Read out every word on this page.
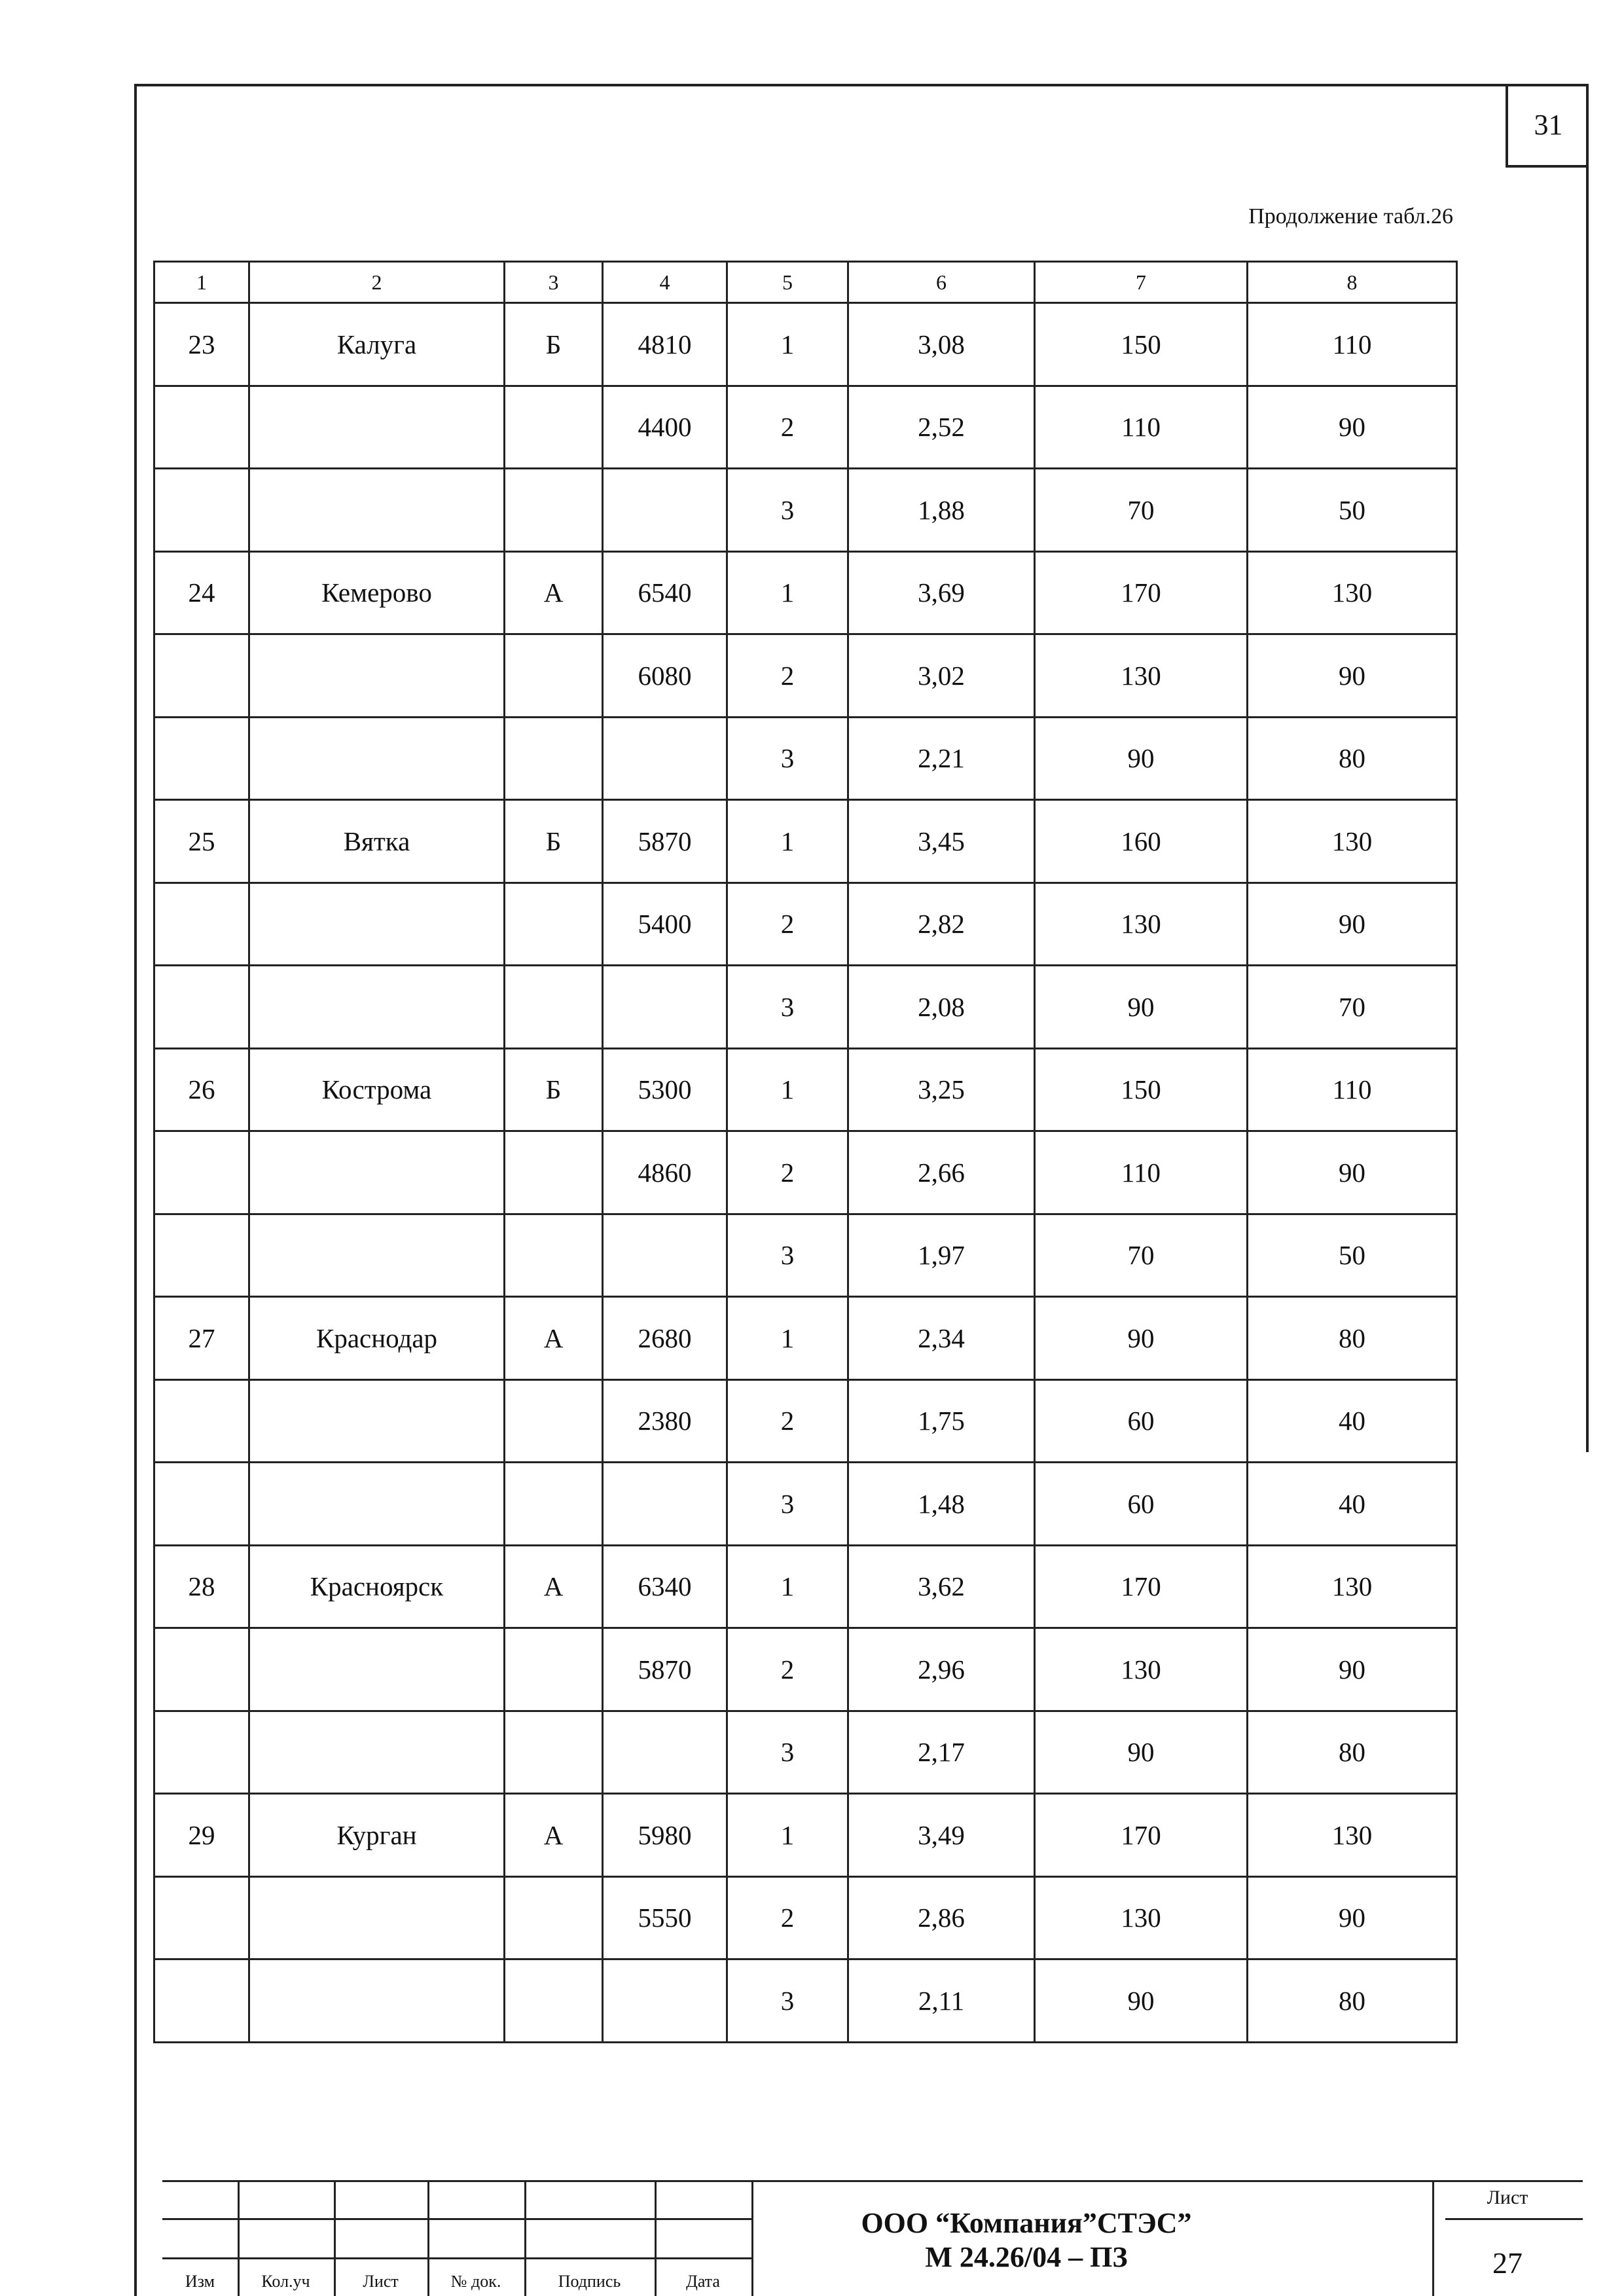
31
Продолжение табл.26
1	2	3	4	5	6	7	8
23	Калуга	Б	4810	1	3,08	150	110
			4400	2	2,52	110	90
				3	1,88	70	50
24	Кемерово	А	6540	1	3,69	170	130
			6080	2	3,02	130	90
				3	2,21	90	80
25	Вятка	Б	5870	1	3,45	160	130
			5400	2	2,82	130	90
				3	2,08	90	70
26	Кострома	Б	5300	1	3,25	150	110
			4860	2	2,66	110	90
				3	1,97	70	50
27	Краснодар	А	2680	1	2,34	90	80
			2380	2	1,75	60	40
				3	1,48	60	40
28	Красноярск	А	6340	1	3,62	170	130
			5870	2	2,96	130	90
				3	2,17	90	80
29	Курган	А	5980	1	3,49	170	130
			5550	2	2,86	130	90
				3	2,11	90	80
Изм	Кол.уч	Лист	№ док.	Подпись	Дата
ООО “Компания”СТЭС”
М 24.26/04 – ПЗ
Лист
27
